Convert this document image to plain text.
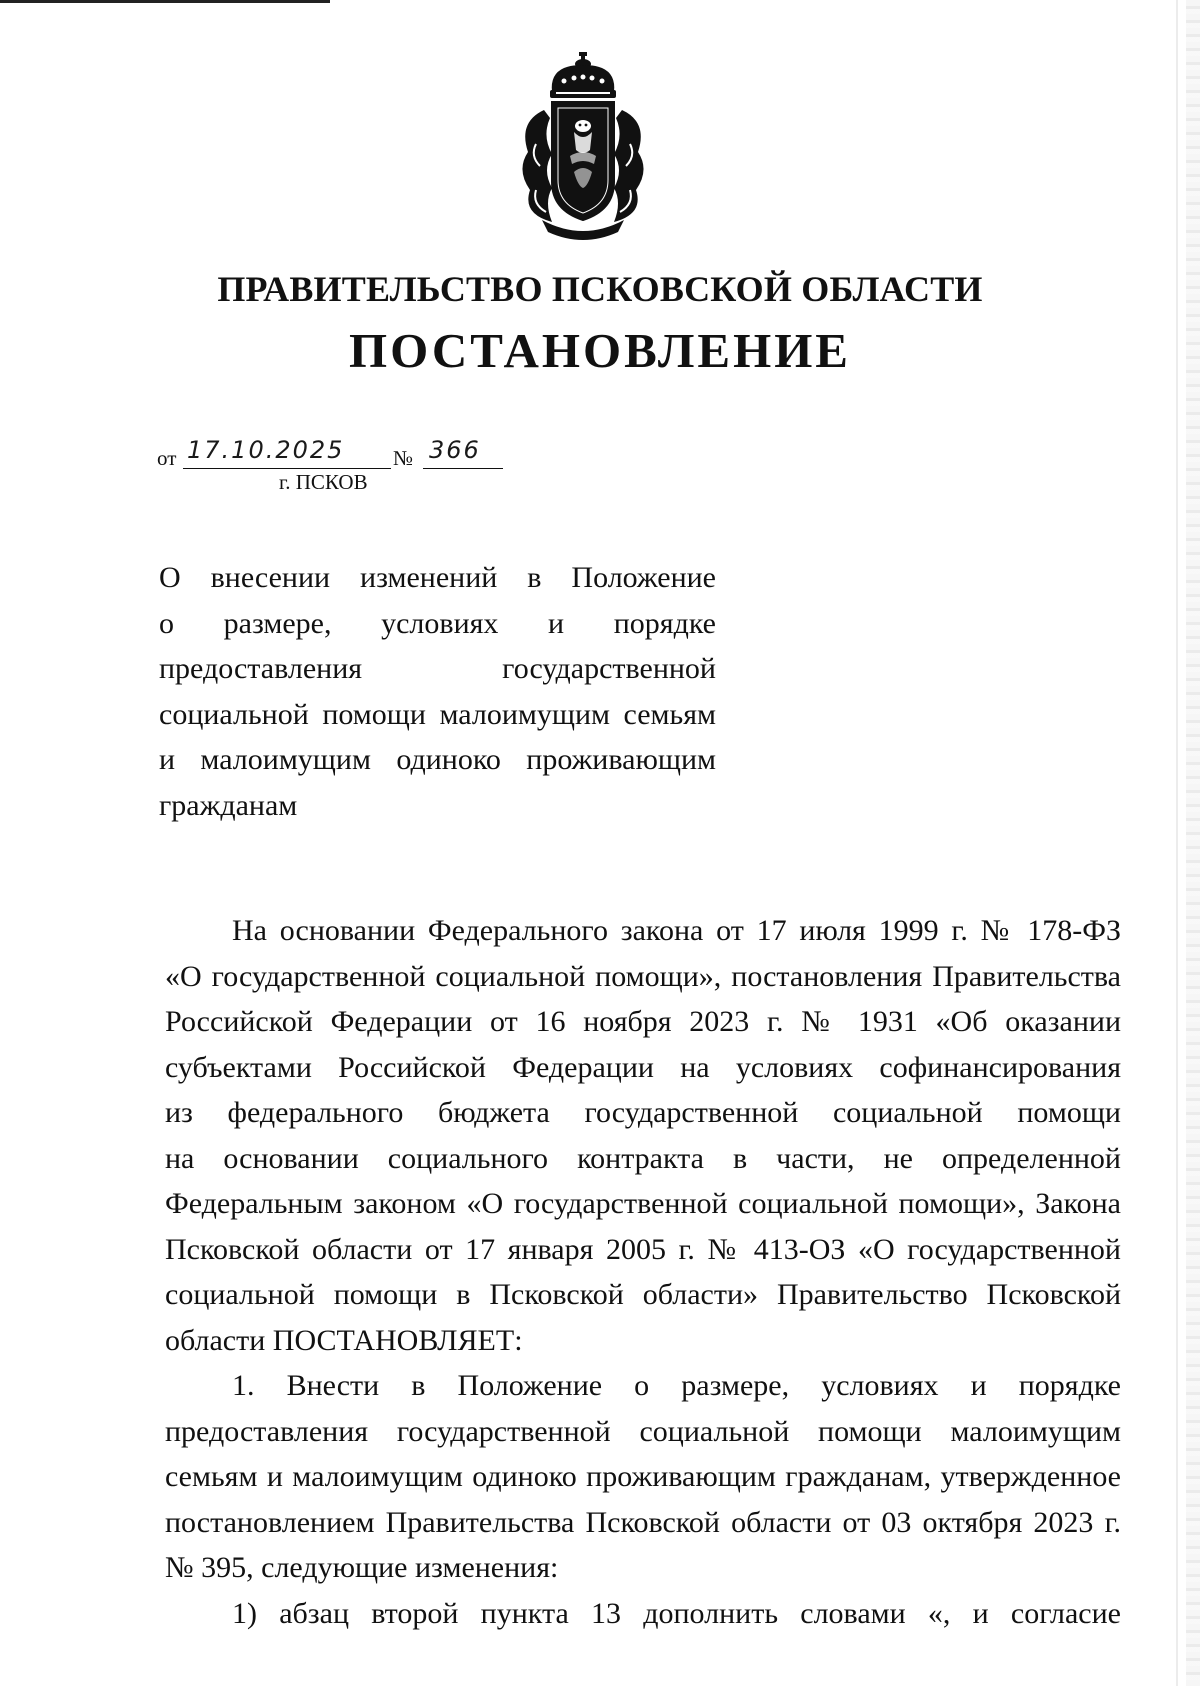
ПРАВИТЕЛЬСТВО ПСКОВСКОЙ ОБЛАСТИ
ПОСТАНОВЛЕНИЕ
от 17.10.2025 № 366
г. ПСКОВ
О внесении изменений в Положение
о размере, условиях и порядке
предоставления государственной
социальной помощи малоимущим семьям
и малоимущим одиноко проживающим
гражданам
На основании Федерального закона от 17 июля 1999 г. № 178-ФЗ
«О государственной социальной помощи», постановления Правительства
Российской Федерации от 16 ноября 2023 г. № 1931 «Об оказании
субъектами Российской Федерации на условиях софинансирования
из федерального бюджета государственной социальной помощи
на основании социального контракта в части, не определенной
Федеральным законом «О государственной социальной помощи», Закона
Псковской области от 17 января 2005 г. № 413-ОЗ «О государственной
социальной помощи в Псковской области» Правительство Псковской
области ПОСТАНОВЛЯЕТ:
1. Внести в Положение о размере, условиях и порядке
предоставления государственной социальной помощи малоимущим
семьям и малоимущим одиноко проживающим гражданам, утвержденное
постановлением Правительства Псковской области от 03 октября 2023 г.
№ 395, следующие изменения:
1) абзац второй пункта 13 дополнить словами «, и согласие
